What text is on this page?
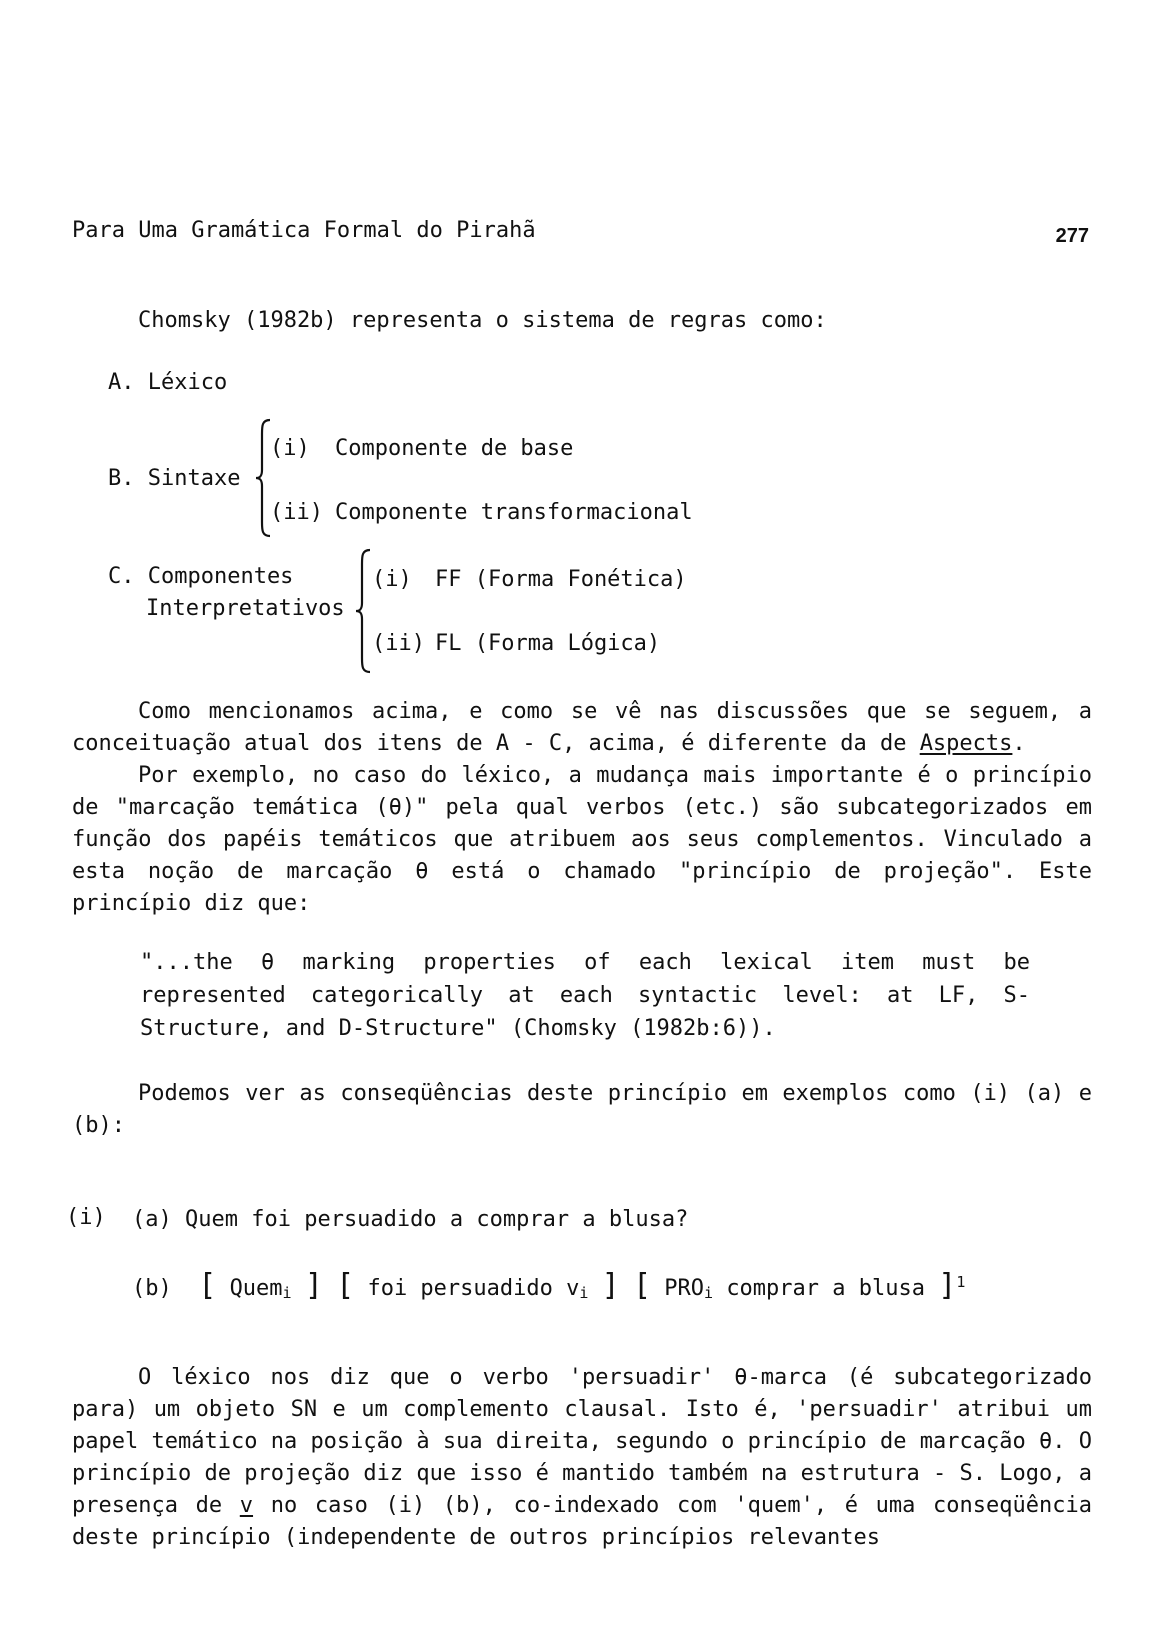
Para Uma Gramática Formal do Pirahã	277
Chomsky (1982b) representa o sistema de regras como:
A. Léxico
B. Sintaxe
(i) Componente de base
(ii) Componente transformacional
C. Componentes
Interpretativos
(i) FF (Forma Fonética)
(ii) FL (Forma Lógica)
Como mencionamos acima, e como se vê nas discussões que se seguem, a conceituação atual dos itens de A - C, acima, é diferente da de Aspects.
Por exemplo, no caso do léxico, a mudança mais importante é o princípio de "marcação temática (θ)" pela qual verbos (etc.) são subcategorizados em função dos papéis temáticos que atribuem aos seus complementos. Vinculado a esta noção de marcação θ está o chamado "princípio de projeção". Este princípio diz que:
"...the θ marking properties of each lexical item must be represented categorically at each syntactic level: at LF, S-Structure, and D-Structure" (Chomsky (1982b:6)).
Podemos ver as conseqüências deste princípio em exemplos como (i) (a) e (b):
(i) (a) Quem foi persuadido a comprar a blusa?
(b) [ Quem$_i$ ] [ foi persuadido $v_i$ ] [ $PRO_i$ comprar a blusa ]$^1$
O léxico nos diz que o verbo 'persuadir' θ-marca (é subcategorizado para) um objeto SN e um complemento clausal. Isto é, 'persuadir' atribui um papel temático na posição à sua direita, segundo o princípio de marcação θ. O princípio de projeção diz que isso é mantido também na estrutura - S. Logo, a presença de v no caso (i) (b), co-indexado com 'quem', é uma conseqüência deste princípio (independente de outros princípios relevantes
